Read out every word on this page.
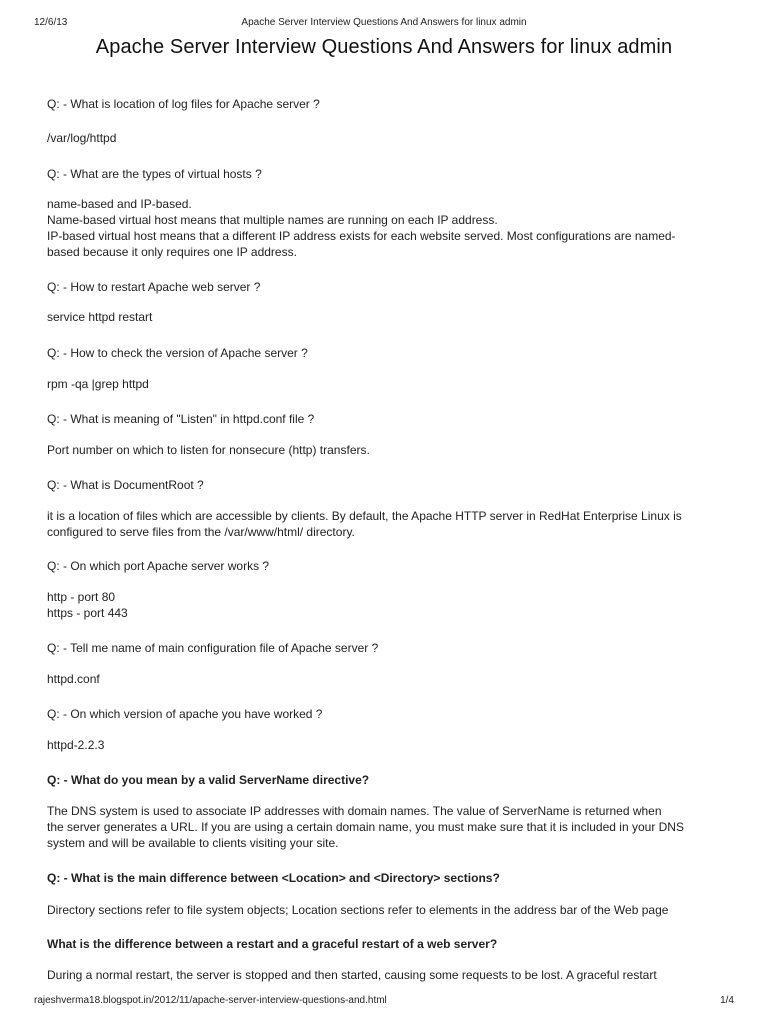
12/6/13	Apache Server Interview Questions And Answers for linux admin
Apache Server Interview Questions And Answers for linux admin

Q: - What is location of log files for Apache server ?

/var/log/httpd

Q: - What are the types of virtual hosts ?

name-based and IP-based.

Name-based virtual host means that multiple names are running on each IP address.

IP-based virtual host means that a different IP address exists for each website served. Most configurations are named-

based because it only requires one IP address.

Q: - How to restart Apache web server ?

service httpd restart

Q: - How to check the version of Apache server ?

rpm -qa |grep httpd

Q: - What is meaning of "Listen" in httpd.conf file ?

Port number on which to listen for nonsecure (http) transfers.

Q: - What is DocumentRoot ?

it is a location of files which are accessible by clients. By default, the Apache HTTP server in RedHat Enterprise Linux is

configured to serve files from the /var/www/html/ directory.

Q: - On which port Apache server works ?

http - port 80

https - port 443

Q: - Tell me name of main configuration file of Apache server ?

httpd.conf

Q: - On which version of apache you have worked ?

httpd-2.2.3

Q: - What do you mean by a valid ServerName directive?

The DNS system is used to associate IP addresses with domain names. The value of ServerName is returned when

the server generates a URL. If you are using a certain domain name, you must make sure that it is included in your DNS

system and will be available to clients visiting your site.

Q: - What is the main difference between <Location> and <Directory> sections?

Directory sections refer to file system objects; Location sections refer to elements in the address bar of the Web page

What is the difference between a restart and a graceful restart of a web server?

During a normal restart, the server is stopped and then started, causing some requests to be lost. A graceful restart

rajeshverma18.blogspot.in/2012/11/apache-server-interview-questions-and.html	1/4
